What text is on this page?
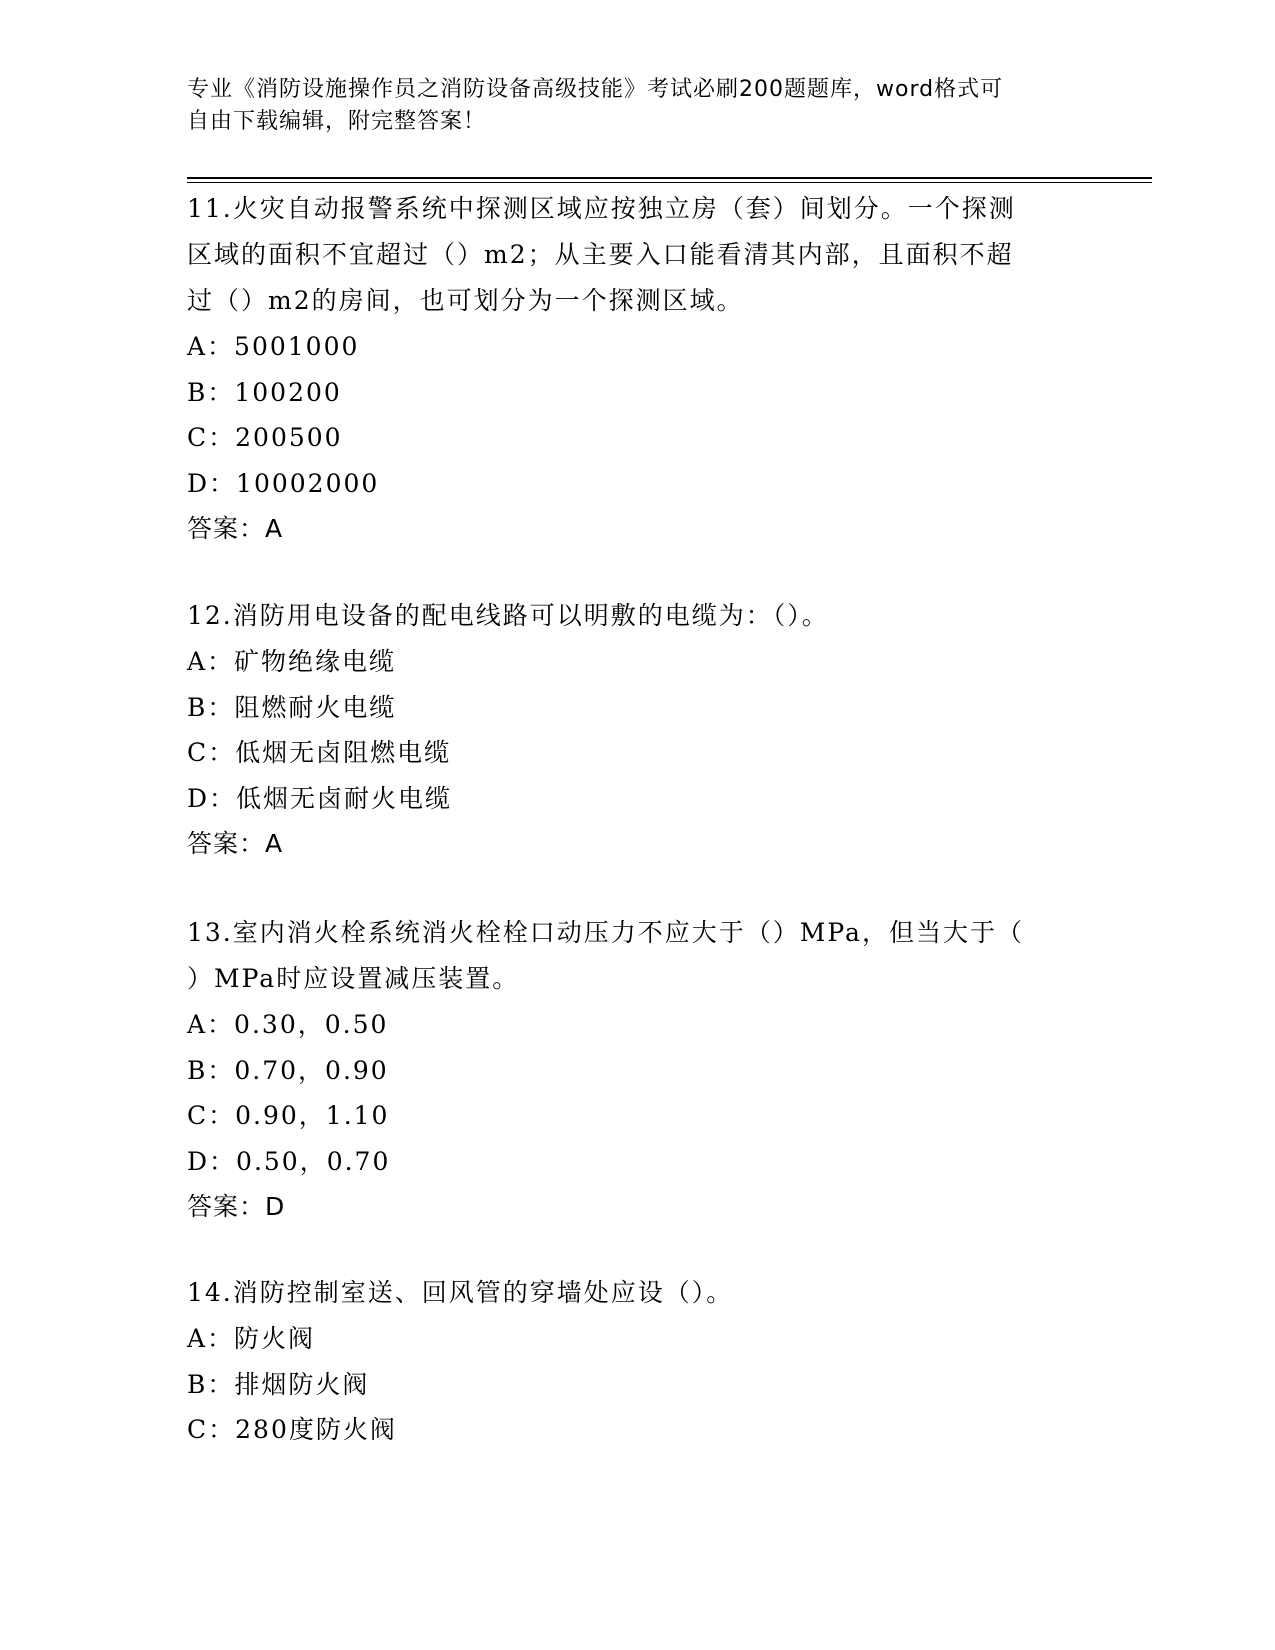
专业《消防设施操作员之消防设备高级技能》考试必刷200题题库，word格式可
自由下载编辑，附完整答案！

11.火灾自动报警系统中探测区域应按独立房（套）间划分。一个探测

区域的面积不宜超过（）m2；从主要入口能看清其内部，且面积不超

过（）m2的房间，也可划分为一个探测区域。

A：5001000

B：100200

C：200500

D：10002000

答案：A

12.消防用电设备的配电线路可以明敷的电缆为：（）。

A：矿物绝缘电缆

B：阻燃耐火电缆

C：低烟无卤阻燃电缆

D：低烟无卤耐火电缆

答案：A

13.室内消火栓系统消火栓栓口动压力不应大于（）MPa，但当大于（

）MPa时应设置减压装置。

A：0.30，0.50

B：0.70，0.90

C：0.90，1.10

D：0.50，0.70

答案：D

14.消防控制室送、回风管的穿墙处应设（）。

A：防火阀

B：排烟防火阀

C：280度防火阀
